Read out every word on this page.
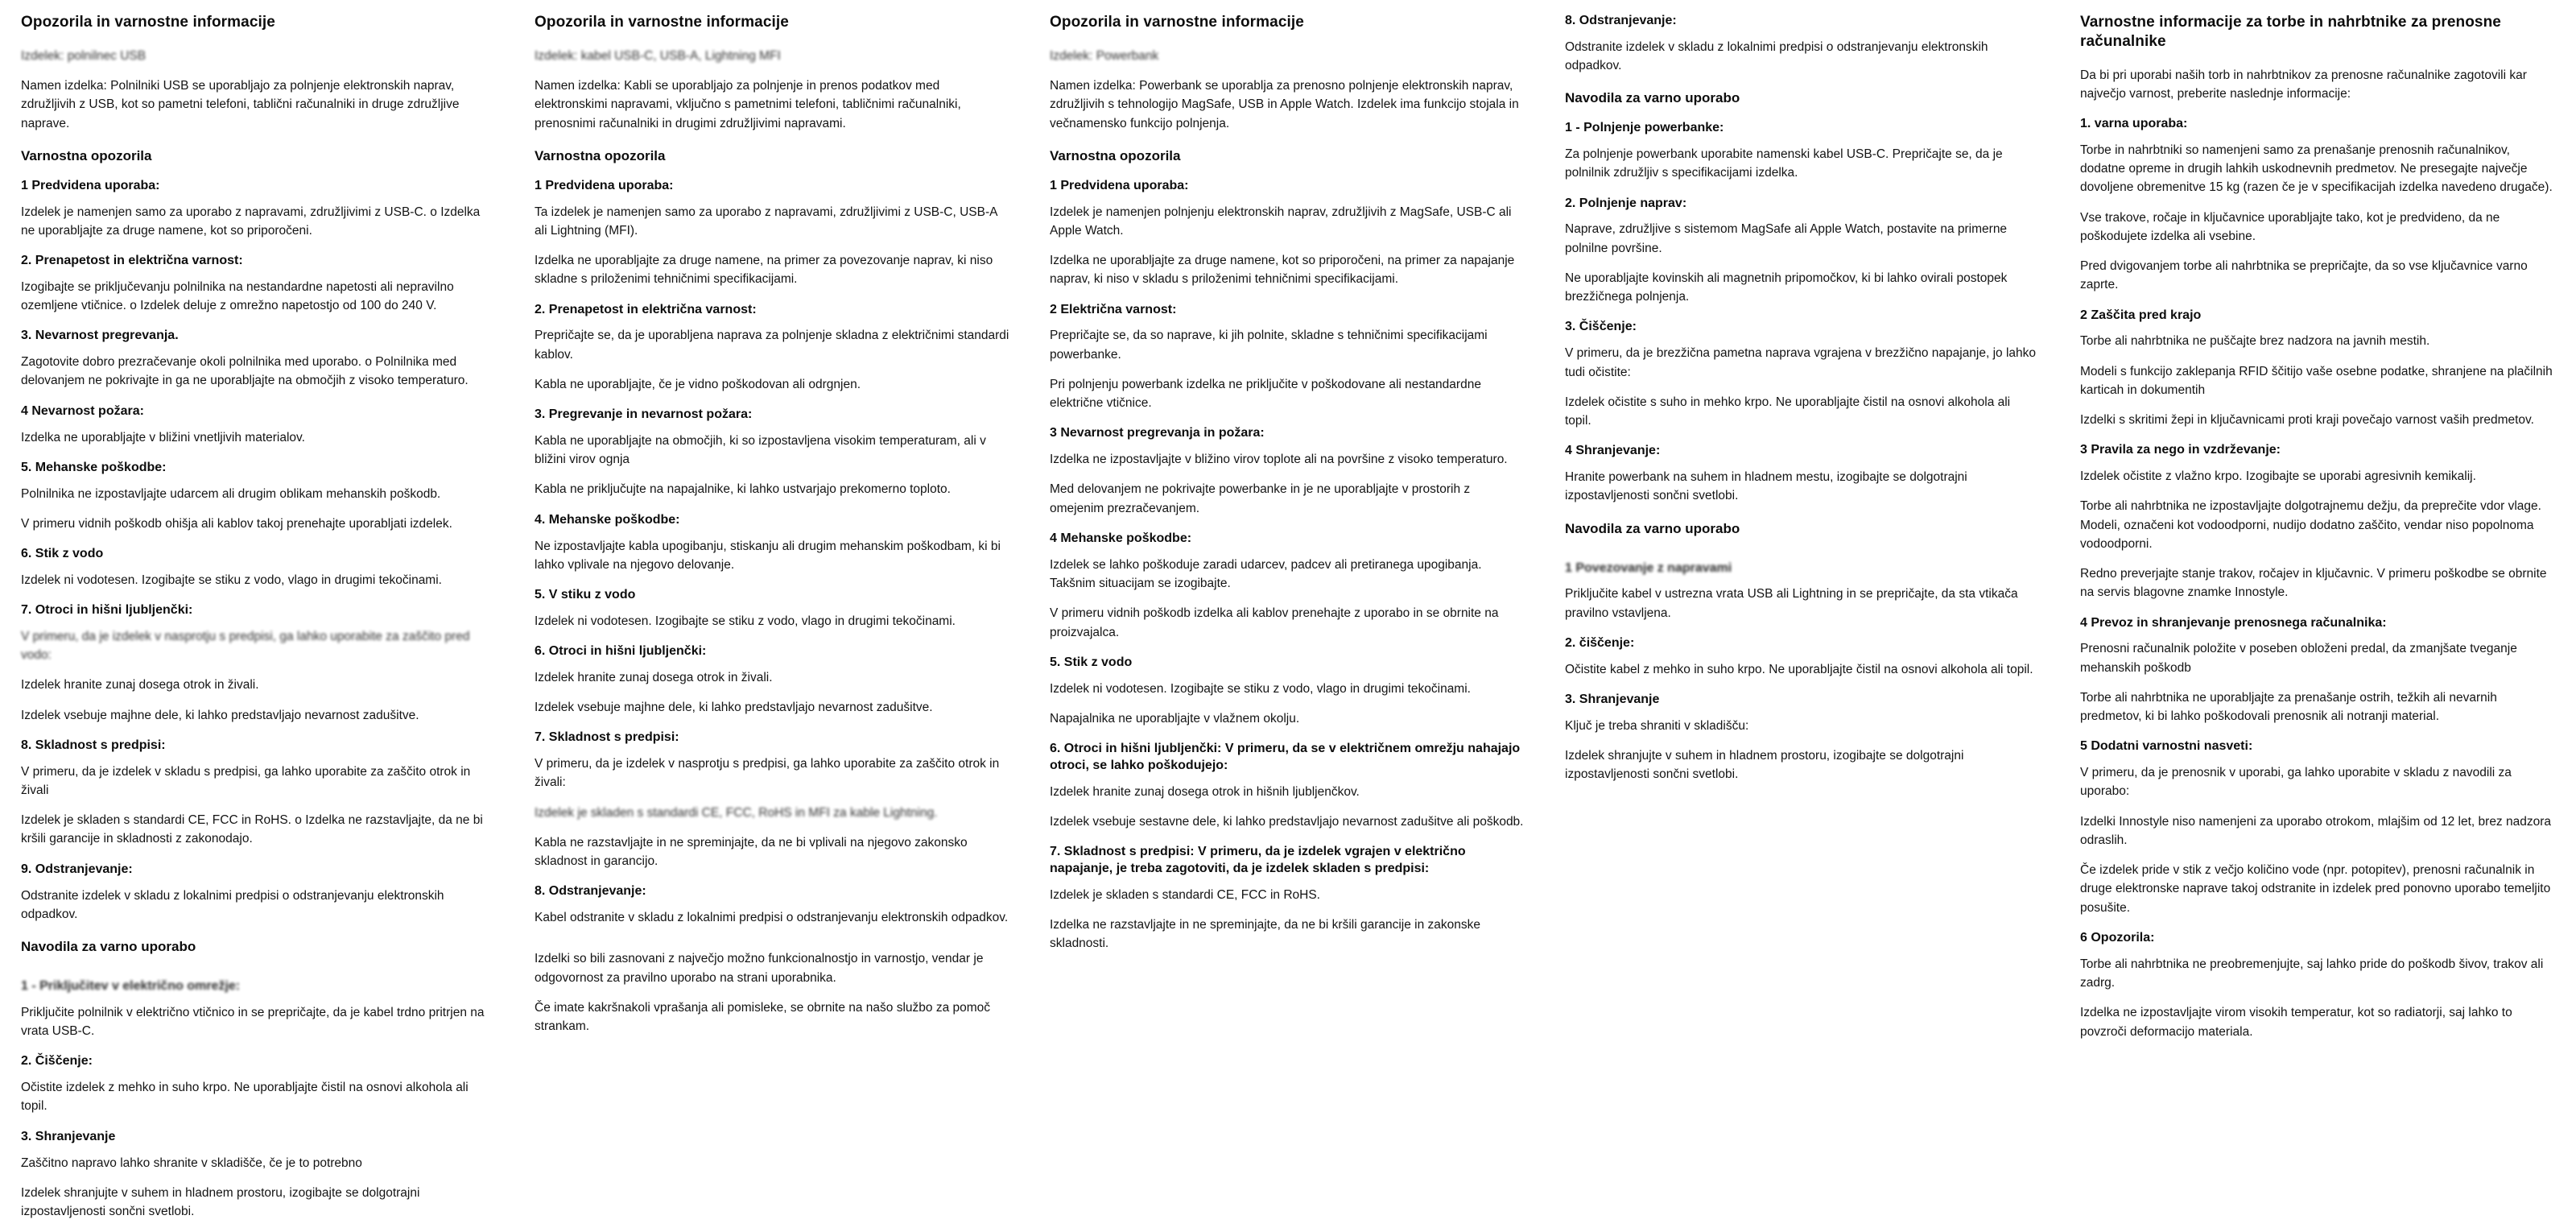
Opozorila in varnostne informacije

Izdelek: polnilnec USB

Namen izdelka: Polnilniki USB se uporabljajo za polnjenje elektronskih naprav, združljivih z USB, kot so pametni telefoni, tablični računalniki in druge združljive naprave.

Varnostna opozorila
1 Predvidena uporaba:

Izdelek je namenjen samo za uporabo z napravami, združljivimi z USB-C. o Izdelka ne uporabljajte za druge namene, kot so priporočeni.

2. Prenapetost in električna varnost:

Izogibajte se priključevanju polnilnika na nestandardne napetosti ali nepravilno ozemljene vtičnice. o Izdelek deluje z omrežno napetostjo od 100 do 240 V.

3. Nevarnost pregrevanja.

Zagotovite dobro prezračevanje okoli polnilnika med uporabo. o Polnilnika med delovanjem ne pokrivajte in ga ne uporabljajte na območjih z visoko temperaturo.

4 Nevarnost požara:

Izdelka ne uporabljajte v bližini vnetljivih materialov.

5. Mehanske poškodbe:

Polnilnika ne izpostavljajte udarcem ali drugim oblikam mehanskih poškodb.

V primeru vidnih poškodb ohišja ali kablov takoj prenehajte uporabljati izdelek.

6. Stik z vodo

Izdelek ni vodotesen. Izogibajte se stiku z vodo, vlago in drugimi tekočinami.

7. Otroci in hišni ljubljenčki:

V primeru, da je izdelek v nasprotju s predpisi, ga lahko uporabite za zaščito pred vodo:

Izdelek hranite zunaj dosega otrok in živali.

Izdelek vsebuje majhne dele, ki lahko predstavljajo nevarnost zadušitve.

8. Skladnost s predpisi:

V primeru, da je izdelek v skladu s predpisi, ga lahko uporabite za zaščito otrok in živali

Izdelek je skladen s standardi CE, FCC in RoHS. o Izdelka ne razstavljajte, da ne bi kršili garancije in skladnosti z zakonodajo.

9. Odstranjevanje:

Odstranite izdelek v skladu z lokalnimi predpisi o odstranjevanju elektronskih odpadkov.

Navodila za varno uporabo
1 - Priključitev v električno omrežje:

Priključite polnilnik v električno vtičnico in se prepričajte, da je kabel trdno pritrjen na vrata USB-C.

2. Čiščenje:

Očistite izdelek z mehko in suho krpo. Ne uporabljajte čistil na osnovi alkohola ali topil.

3. Shranjevanje

Zaščitno napravo lahko shranite v skladišče, če je to potrebno

Izdelek shranjujte v suhem in hladnem prostoru, izogibajte se dolgotrajni izpostavljenosti sončni svetlobi.

Opozorila in varnostne informacije

Izdelek: kabel USB-C, USB-A, Lightning MFI

Namen izdelka: Kabli se uporabljajo za polnjenje in prenos podatkov med elektronskimi napravami, vključno s pametnimi telefoni, tabličnimi računalniki, prenosnimi računalniki in drugimi združljivimi napravami.

Varnostna opozorila
1 Predvidena uporaba:

Ta izdelek je namenjen samo za uporabo z napravami, združljivimi z USB-C, USB-A ali Lightning (MFI).

Izdelka ne uporabljajte za druge namene, na primer za povezovanje naprav, ki niso skladne s priloženimi tehničnimi specifikacijami.

2. Prenapetost in električna varnost:

Prepričajte se, da je uporabljena naprava za polnjenje skladna z električnimi standardi kablov.

Kabla ne uporabljajte, če je vidno poškodovan ali odrgnjen.

3. Pregrevanje in nevarnost požara:

Kabla ne uporabljajte na območjih, ki so izpostavljena visokim temperaturam, ali v bližini virov ognja

Kabla ne priključujte na napajalnike, ki lahko ustvarjajo prekomerno toploto.

4. Mehanske poškodbe:

Ne izpostavljajte kabla upogibanju, stiskanju ali drugim mehanskim poškodbam, ki bi lahko vplivale na njegovo delovanje.

5. V stiku z vodo

Izdelek ni vodotesen. Izogibajte se stiku z vodo, vlago in drugimi tekočinami.

6. Otroci in hišni ljubljenčki:

Izdelek hranite zunaj dosega otrok in živali.

Izdelek vsebuje majhne dele, ki lahko predstavljajo nevarnost zadušitve.

7. Skladnost s predpisi:

V primeru, da je izdelek v nasprotju s predpisi, ga lahko uporabite za zaščito otrok in živali:

Izdelek je skladen s standardi CE, FCC, RoHS in MFI za kable Lightning.

Kabla ne razstavljajte in ne spreminjajte, da ne bi vplivali na njegovo zakonsko skladnost in garancijo.

8. Odstranjevanje:

Kabel odstranite v skladu z lokalnimi predpisi o odstranjevanju elektronskih odpadkov.

Izdelki so bili zasnovani z največjo možno funkcionalnostjo in varnostjo, vendar je odgovornost za pravilno uporabo na strani uporabnika.

Če imate kakršnakoli vprašanja ali pomisleke, se obrnite na našo službo za pomoč strankam.

Opozorila in varnostne informacije

Izdelek: Powerbank

Namen izdelka: Powerbank se uporablja za prenosno polnjenje elektronskih naprav, združljivih s tehnologijo MagSafe, USB in Apple Watch. Izdelek ima funkcijo stojala in večnamensko funkcijo polnjenja.

Varnostna opozorila
1 Predvidena uporaba:

Izdelek je namenjen polnjenju elektronskih naprav, združljivih z MagSafe, USB-C ali Apple Watch.

Izdelka ne uporabljajte za druge namene, kot so priporočeni, na primer za napajanje naprav, ki niso v skladu s priloženimi tehničnimi specifikacijami.

2 Električna varnost:

Prepričajte se, da so naprave, ki jih polnite, skladne s tehničnimi specifikacijami powerbanke.

Pri polnjenju powerbank izdelka ne priključite v poškodovane ali nestandardne električne vtičnice.

3 Nevarnost pregrevanja in požara:

Izdelka ne izpostavljajte v bližino virov toplote ali na površine z visoko temperaturo.

Med delovanjem ne pokrivajte powerbanke in je ne uporabljajte v prostorih z omejenim prezračevanjem.

4 Mehanske poškodbe:

Izdelek se lahko poškoduje zaradi udarcev, padcev ali pretiranega upogibanja. Takšnim situacijam se izogibajte.

V primeru vidnih poškodb izdelka ali kablov prenehajte z uporabo in se obrnite na proizvajalca.

5. Stik z vodo

Izdelek ni vodotesen. Izogibajte se stiku z vodo, vlago in drugimi tekočinami.

Napajalnika ne uporabljajte v vlažnem okolju.

6. Otroci in hišni ljubljenčki: V primeru, da se v električnem omrežju nahajajo otroci, se lahko poškodujejo:

Izdelek hranite zunaj dosega otrok in hišnih ljubljenčkov.

Izdelek vsebuje sestavne dele, ki lahko predstavljajo nevarnost zadušitve ali poškodb.

7. Skladnost s predpisi: V primeru, da je izdelek vgrajen v električno napajanje, je treba zagotoviti, da je izdelek skladen s predpisi:

Izdelek je skladen s standardi CE, FCC in RoHS.

Izdelka ne razstavljajte in ne spreminjajte, da ne bi kršili garancije in zakonske skladnosti.

8. Odstranjevanje:

Odstranite izdelek v skladu z lokalnimi predpisi o odstranjevanju elektronskih odpadkov.

Navodila za varno uporabo
1 - Polnjenje powerbanke:

Za polnjenje powerbank uporabite namenski kabel USB-C. Prepričajte se, da je polnilnik združljiv s specifikacijami izdelka.

2. Polnjenje naprav:

Naprave, združljive s sistemom MagSafe ali Apple Watch, postavite na primerne polnilne površine.

Ne uporabljajte kovinskih ali magnetnih pripomočkov, ki bi lahko ovirali postopek brezžičnega polnjenja.

3. Čiščenje:

V primeru, da je brezžična pametna naprava vgrajena v brezžično napajanje, jo lahko tudi očistite:

Izdelek očistite s suho in mehko krpo. Ne uporabljajte čistil na osnovi alkohola ali topil.

4 Shranjevanje:

Hranite powerbank na suhem in hladnem mestu, izogibajte se dolgotrajni izpostavljenosti sončni svetlobi.

Navodila za varno uporabo
1 Povezovanje z napravami

Priključite kabel v ustrezna vrata USB ali Lightning in se prepričajte, da sta vtikača pravilno vstavljena.

2. čiščenje:

Očistite kabel z mehko in suho krpo. Ne uporabljajte čistil na osnovi alkohola ali topil.

3. Shranjevanje

Ključ je treba shraniti v skladišču:

Izdelek shranjujte v suhem in hladnem prostoru, izogibajte se dolgotrajni izpostavljenosti sončni svetlobi.

Varnostne informacije za torbe in nahrbtnike za prenosne računalnike

Da bi pri uporabi naših torb in nahrbtnikov za prenosne računalnike zagotovili kar največjo varnost, preberite naslednje informacije:

1. varna uporaba:

Torbe in nahrbtniki so namenjeni samo za prenašanje prenosnih računalnikov, dodatne opreme in drugih lahkih uskodnevnih predmetov. Ne presegajte največje dovoljene obremenitve 15 kg (razen če je v specifikacijah izdelka navedeno drugače).

Vse trakove, ročaje in ključavnice uporabljajte tako, kot je predvideno, da ne poškodujete izdelka ali vsebine.

Pred dvigovanjem torbe ali nahrbtnika se prepričajte, da so vse ključavnice varno zaprte.

2 Zaščita pred krajo

Torbe ali nahrbtnika ne puščajte brez nadzora na javnih mestih.

Modeli s funkcijo zaklepanja RFID ščitijo vaše osebne podatke, shranjene na plačilnih karticah in dokumentih

Izdelki s skritimi žepi in ključavnicami proti kraji povečajo varnost vaših predmetov.

3 Pravila za nego in vzdrževanje:

Izdelek očistite z vlažno krpo. Izogibajte se uporabi agresivnih kemikalij.

Torbe ali nahrbtnika ne izpostavljajte dolgotrajnemu dežju, da preprečite vdor vlage. Modeli, označeni kot vodoodporni, nudijo dodatno zaščito, vendar niso popolnoma vodoodporni.

Redno preverjajte stanje trakov, ročajev in ključavnic. V primeru poškodbe se obrnite na servis blagovne znamke Innostyle.

4 Prevoz in shranjevanje prenosnega računalnika:

Prenosni računalnik položite v poseben obloženi predal, da zmanjšate tveganje mehanskih poškodb

Torbe ali nahrbtnika ne uporabljajte za prenašanje ostrih, težkih ali nevarnih predmetov, ki bi lahko poškodovali prenosnik ali notranji material.

5 Dodatni varnostni nasveti:

V primeru, da je prenosnik v uporabi, ga lahko uporabite v skladu z navodili za uporabo:

Izdelki Innostyle niso namenjeni za uporabo otrokom, mlajšim od 12 let, brez nadzora odraslih.

Če izdelek pride v stik z večjo količino vode (npr. potopitev), prenosni računalnik in druge elektronske naprave takoj odstranite in izdelek pred ponovno uporabo temeljito posušite.

6 Opozorila:

Torbe ali nahrbtnika ne preobremenjujte, saj lahko pride do poškodb šivov, trakov ali zadrg.

Izdelka ne izpostavljajte virom visokih temperatur, kot so radiatorji, saj lahko to povzroči deformacijo materiala.
